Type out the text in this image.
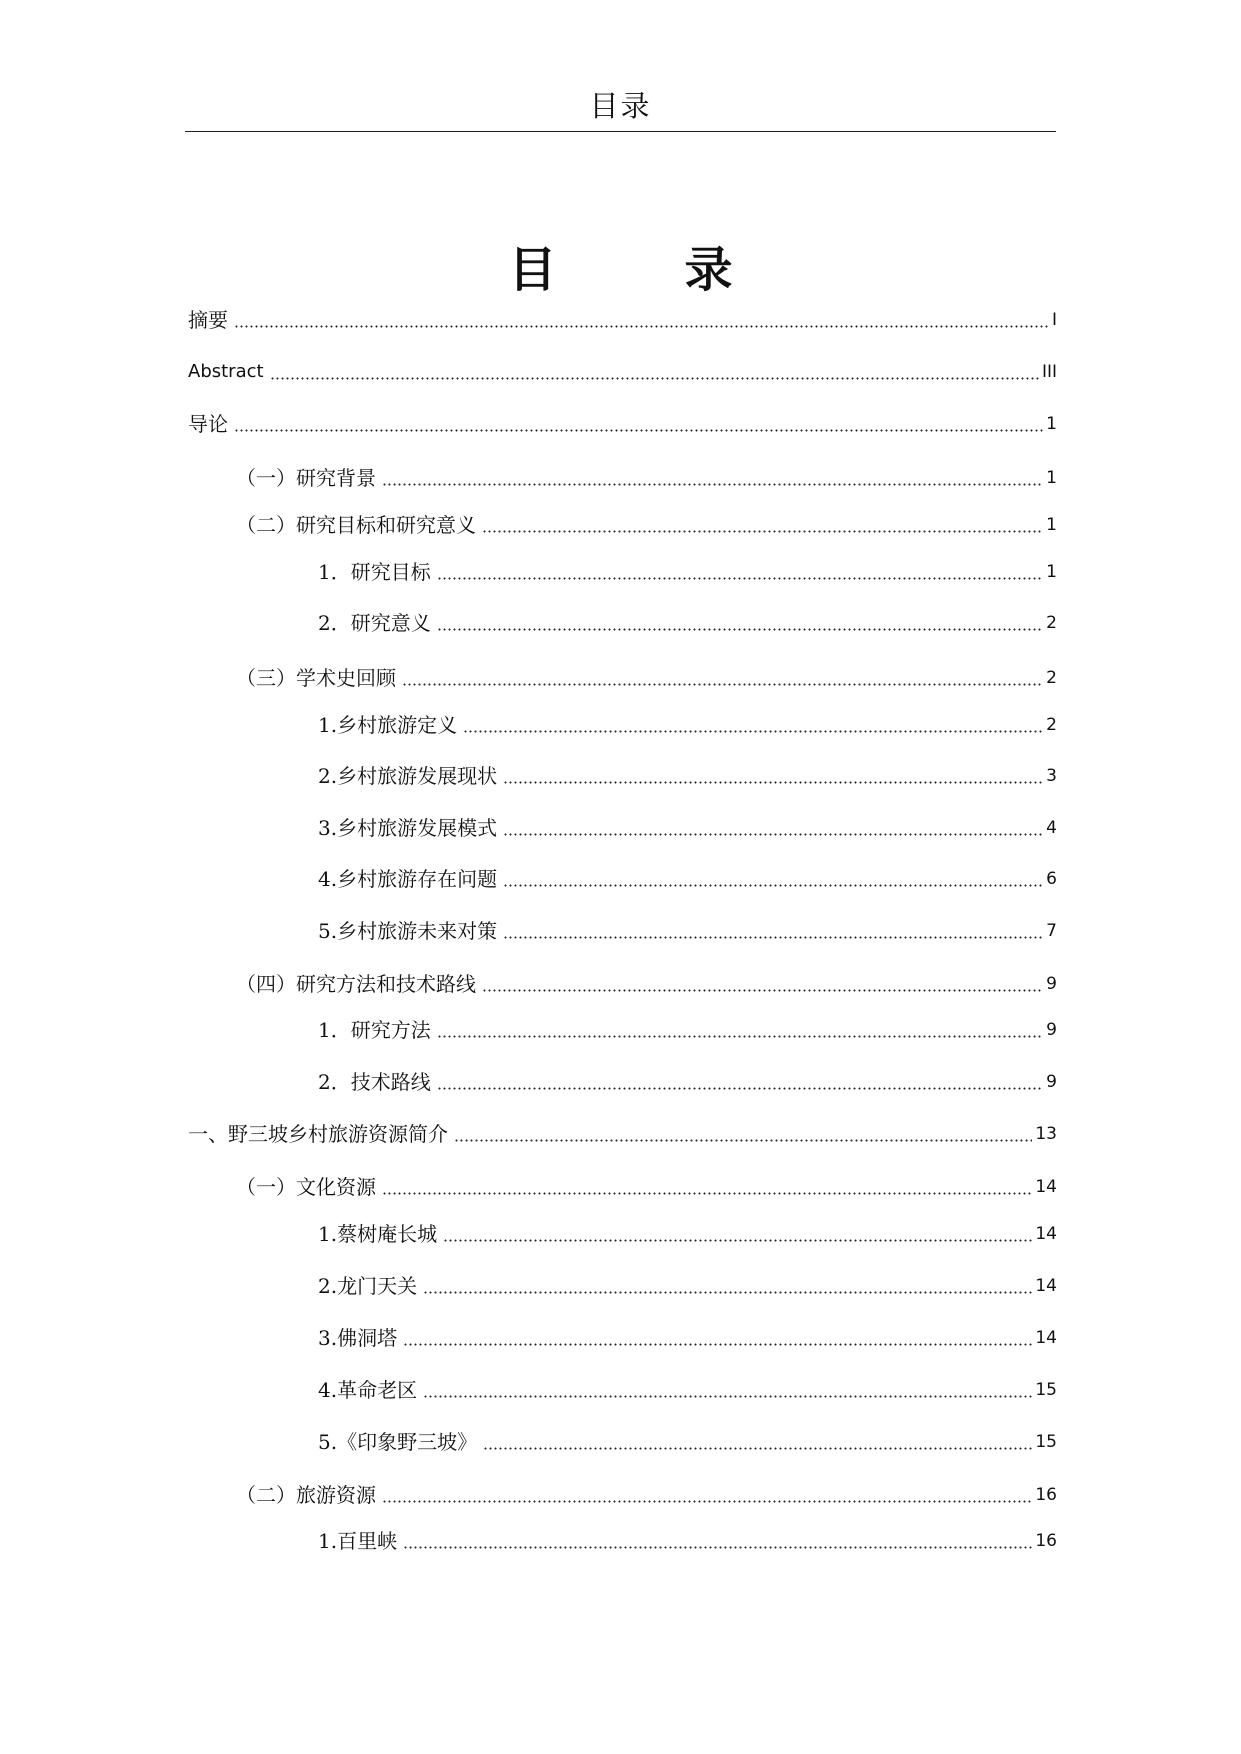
目录
目　录
摘要	I
Abstract	III
导论	1
（一）研究背景	1
（二）研究目标和研究意义	1
1．研究目标	1
2．研究意义	2
（三）学术史回顾	2
1.乡村旅游定义	2
2.乡村旅游发展现状	3
3.乡村旅游发展模式	4
4.乡村旅游存在问题	6
5.乡村旅游未来对策	7
（四）研究方法和技术路线	9
1．研究方法	9
2．技术路线	9
一、野三坡乡村旅游资源简介	13
（一）文化资源	14
1.蔡树庵长城	14
2.龙门天关	14
3.佛洞塔	14
4.革命老区	15
5.《印象野三坡》	15
（二）旅游资源	16
1.百里峡	16
